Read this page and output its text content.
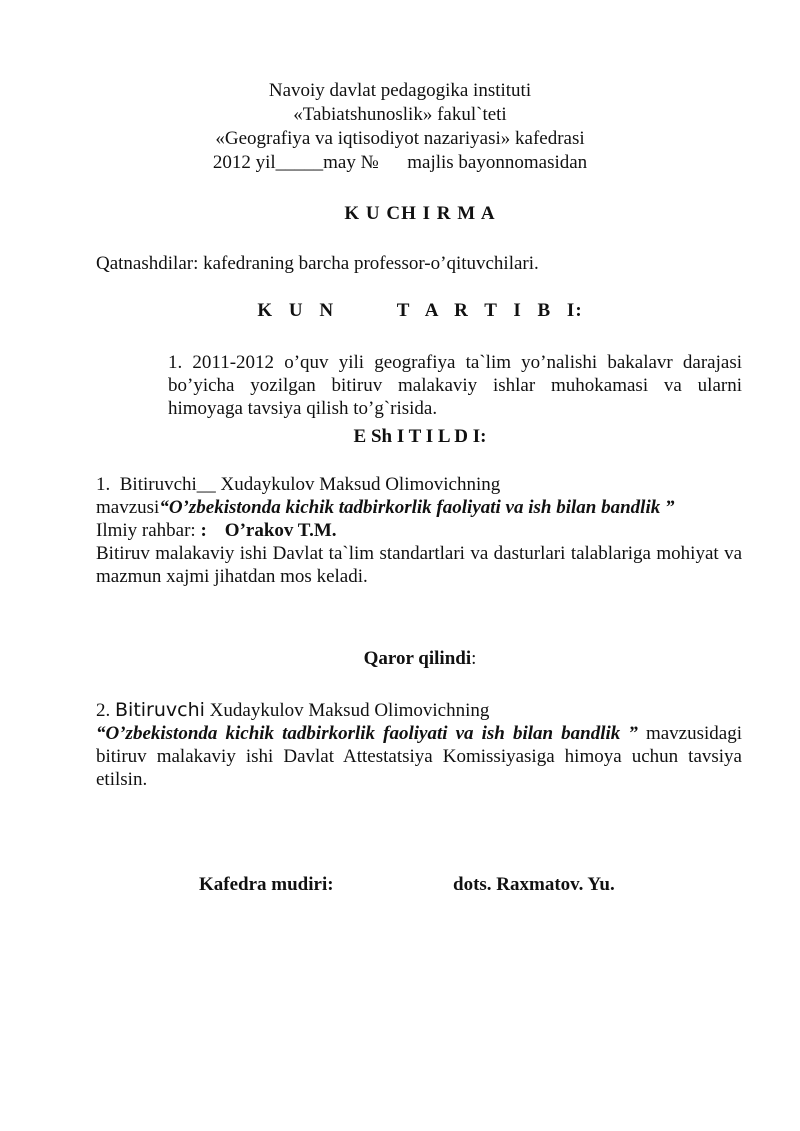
Navoiy davlat pedagogika instituti
«Tabiatshunoslik» fakul`teti
«Geografiya va iqtisodiyot nazariyasi» kafedrasi
2012 yil_____may №      majlis bayonnomasidan
K U CH I R M A
Qatnashdilar: kafedraning barcha professor-o’qituvchilari.
K U N    T A R T I B I:
1. 2011-2012 o’quv yili geografiya ta`lim yo’nalishi bakalavr darajasi bo’yicha yozilgan bitiruv malakaviy ishlar muhokamasi va ularni himoyaga tavsiya qilish to’g`risida.
E Sh I T I L D I:
1.  Bitiruvchi__ Xudaykulov Maksud Olimovichning
mavzusi“O’zbekistonda kichik tadbirkorlik faoliyati va ish bilan bandlik ”
Ilmiy rahbar: : O’rakov T.M.
Bitiruv malakaviy ishi Davlat ta`lim standartlari va dasturlari talablariga mohiyat va mazmun xajmi jihatdan mos keladi.
Qaror qilindi:
2. Bitiruvchi Xudaykulov Maksud Olimovichning
“O’zbekistonda kichik tadbirkorlik faoliyati va ish bilan bandlik ” mavzusidagi bitiruv malakaviy ishi Davlat Attestatsiya Komissiyasiga himoya uchun tavsiya etilsin.
Kafedra mudiri:	dots. Raxmatov. Yu.
